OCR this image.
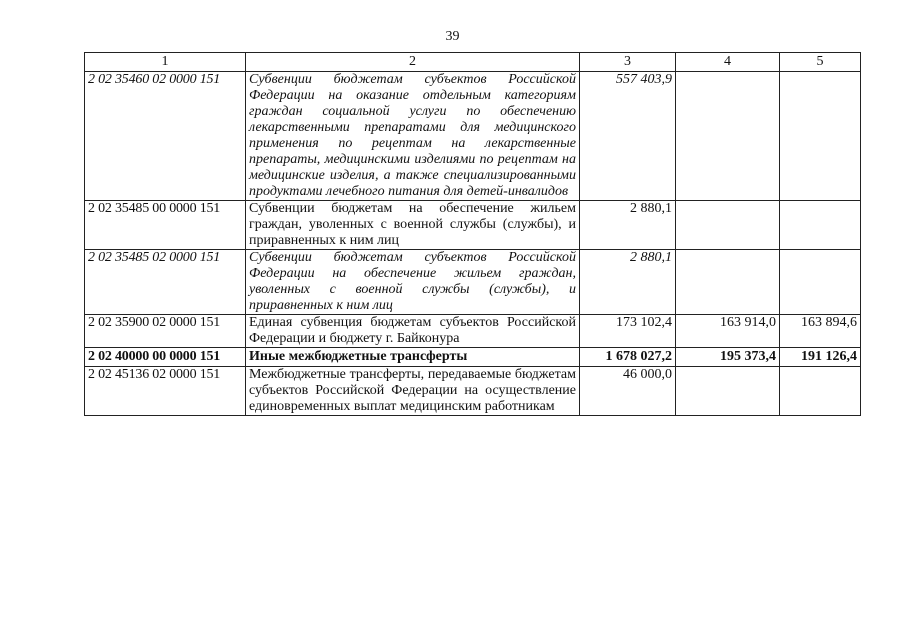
39
1	2	3	4	5
2 02 35460 02 0000 151	Субвенции бюджетам субъектов Российской Федерации на оказание отдельным категориям граждан социальной услуги по обеспечению лекарственными препаратами для медицинского применения по рецептам на лекарственные препараты, медицинскими изделиями по рецептам на медицинские изделия, а также специализированными продуктами лечебного питания для детей-инвалидов	557 403,9		
2 02 35485 00 0000 151	Субвенции бюджетам на обеспечение жильем граждан, уволенных с военной службы (службы), и приравненных к ним лиц	2 880,1		
2 02 35485 02 0000 151	Субвенции бюджетам субъектов Российской Федерации на обеспечение жильем граждан, уволенных с военной службы (службы), и приравненных к ним лиц	2 880,1		
2 02 35900 02 0000 151	Единая субвенция бюджетам субъектов Российской Федерации и бюджету г. Байконура	173 102,4	163 914,0	163 894,6
2 02 40000 00 0000 151	Иные межбюджетные трансферты	1 678 027,2	195 373,4	191 126,4
2 02 45136 02 0000 151	Межбюджетные трансферты, передаваемые бюджетам субъектов Российской Федерации на осуществление единовременных выплат медицинским работникам	46 000,0		
